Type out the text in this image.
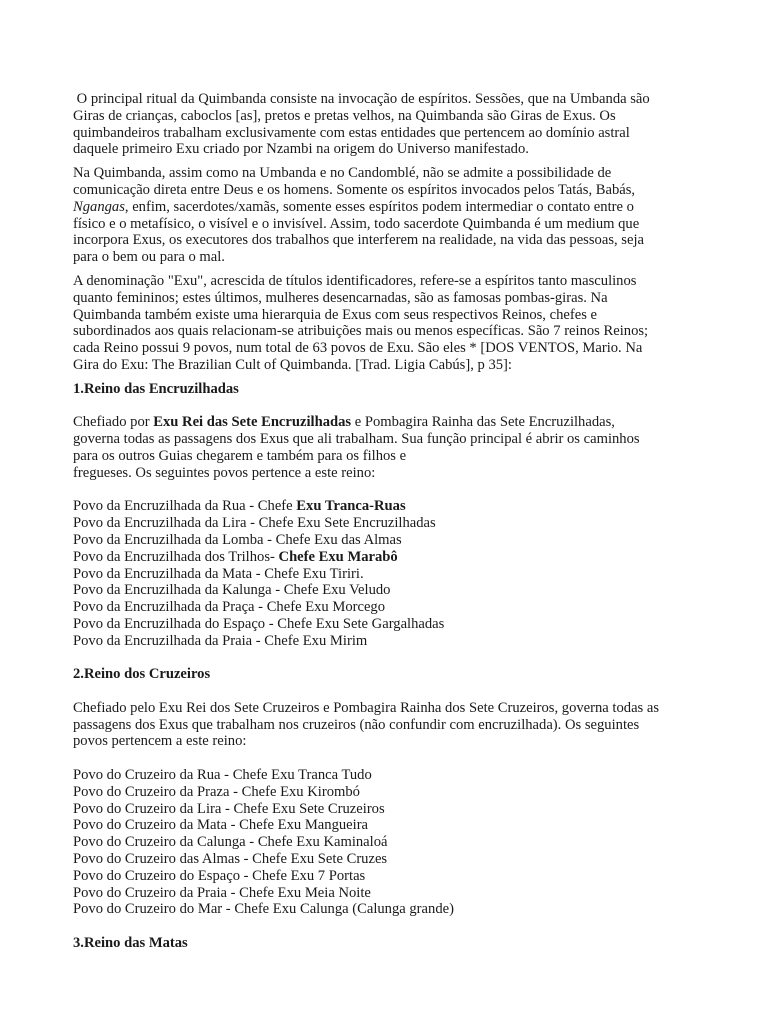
O principal ritual da Quimbanda consiste na invocação de espíritos. Sessões, que na Umbanda são

Giras de crianças, caboclos [as], pretos e pretas velhos, na Quimbanda são Giras de Exus. Os

quimbandeiros trabalham exclusivamente com estas entidades que pertencem ao domínio astral

daquele primeiro Exu criado por Nzambi na origem do Universo manifestado.

Na Quimbanda, assim como na Umbanda e no Candomblé, não se admite a possibilidade de

comunicação direta entre Deus e os homens. Somente os espíritos invocados pelos Tatás, Babás,

Ngangas, enfim, sacerdotes/xamãs, somente esses espíritos podem intermediar o contato entre o

físico e o metafísico, o visível e o invisível. Assim, todo sacerdote Quimbanda é um medium que

incorpora Exus, os executores dos trabalhos que interferem na realidade, na vida das pessoas, seja

para o bem ou para o mal.

A denominação "Exu", acrescida de títulos identificadores, refere-se a espíritos tanto masculinos

quanto femininos; estes últimos, mulheres desencarnadas, são as famosas pombas-giras. Na

Quimbanda também existe uma hierarquia de Exus com seus respectivos Reinos, chefes e

subordinados aos quais relacionam-se atribuições mais ou menos específicas. São 7 reinos Reinos;

cada Reino possui 9 povos, num total de 63 povos de Exu. São eles * [DOS VENTOS, Mario. Na

Gira do Exu: The Brazilian Cult of Quimbanda. [Trad. Ligia Cabús], p 35]:

1.Reino das Encruzilhadas

Chefiado por Exu Rei das Sete Encruzilhadas e Pombagira Rainha das Sete Encruzilhadas,

governa todas as passagens dos Exus que ali trabalham. Sua função principal é abrir os caminhos

para os outros Guias chegarem e também para os filhos e

fregueses. Os seguintes povos pertence a este reino:

Povo da Encruzilhada da Rua - Chefe Exu Tranca-Ruas

Povo da Encruzilhada da Lira - Chefe Exu Sete Encruzilhadas

Povo da Encruzilhada da Lomba - Chefe Exu das Almas

Povo da Encruzilhada dos Trilhos- Chefe Exu Marabô

Povo da Encruzilhada da Mata - Chefe Exu Tiriri.

Povo da Encruzilhada da Kalunga - Chefe Exu Veludo

Povo da Encruzilhada da Praça - Chefe Exu Morcego

Povo da Encruzilhada do Espaço - Chefe Exu Sete Gargalhadas

Povo da Encruzilhada da Praia - Chefe Exu Mirim

2.Reino dos Cruzeiros

Chefiado pelo Exu Rei dos Sete Cruzeiros e Pombagira Rainha dos Sete Cruzeiros, governa todas as

passagens dos Exus que trabalham nos cruzeiros (não confundir com encruzilhada). Os seguintes

povos pertencem a este reino:

Povo do Cruzeiro da Rua - Chefe Exu Tranca Tudo

Povo do Cruzeiro da Praza - Chefe Exu Kirombó

Povo do Cruzeiro da Lira - Chefe Exu Sete Cruzeiros

Povo do Cruzeiro da Mata - Chefe Exu Mangueira

Povo do Cruzeiro da Calunga - Chefe Exu Kaminaloá

Povo do Cruzeiro das Almas - Chefe Exu Sete Cruzes

Povo do Cruzeiro do Espaço - Chefe Exu 7 Portas

Povo do Cruzeiro da Praia - Chefe Exu Meia Noite

Povo do Cruzeiro do Mar - Chefe Exu Calunga (Calunga grande)

3.Reino das Matas
